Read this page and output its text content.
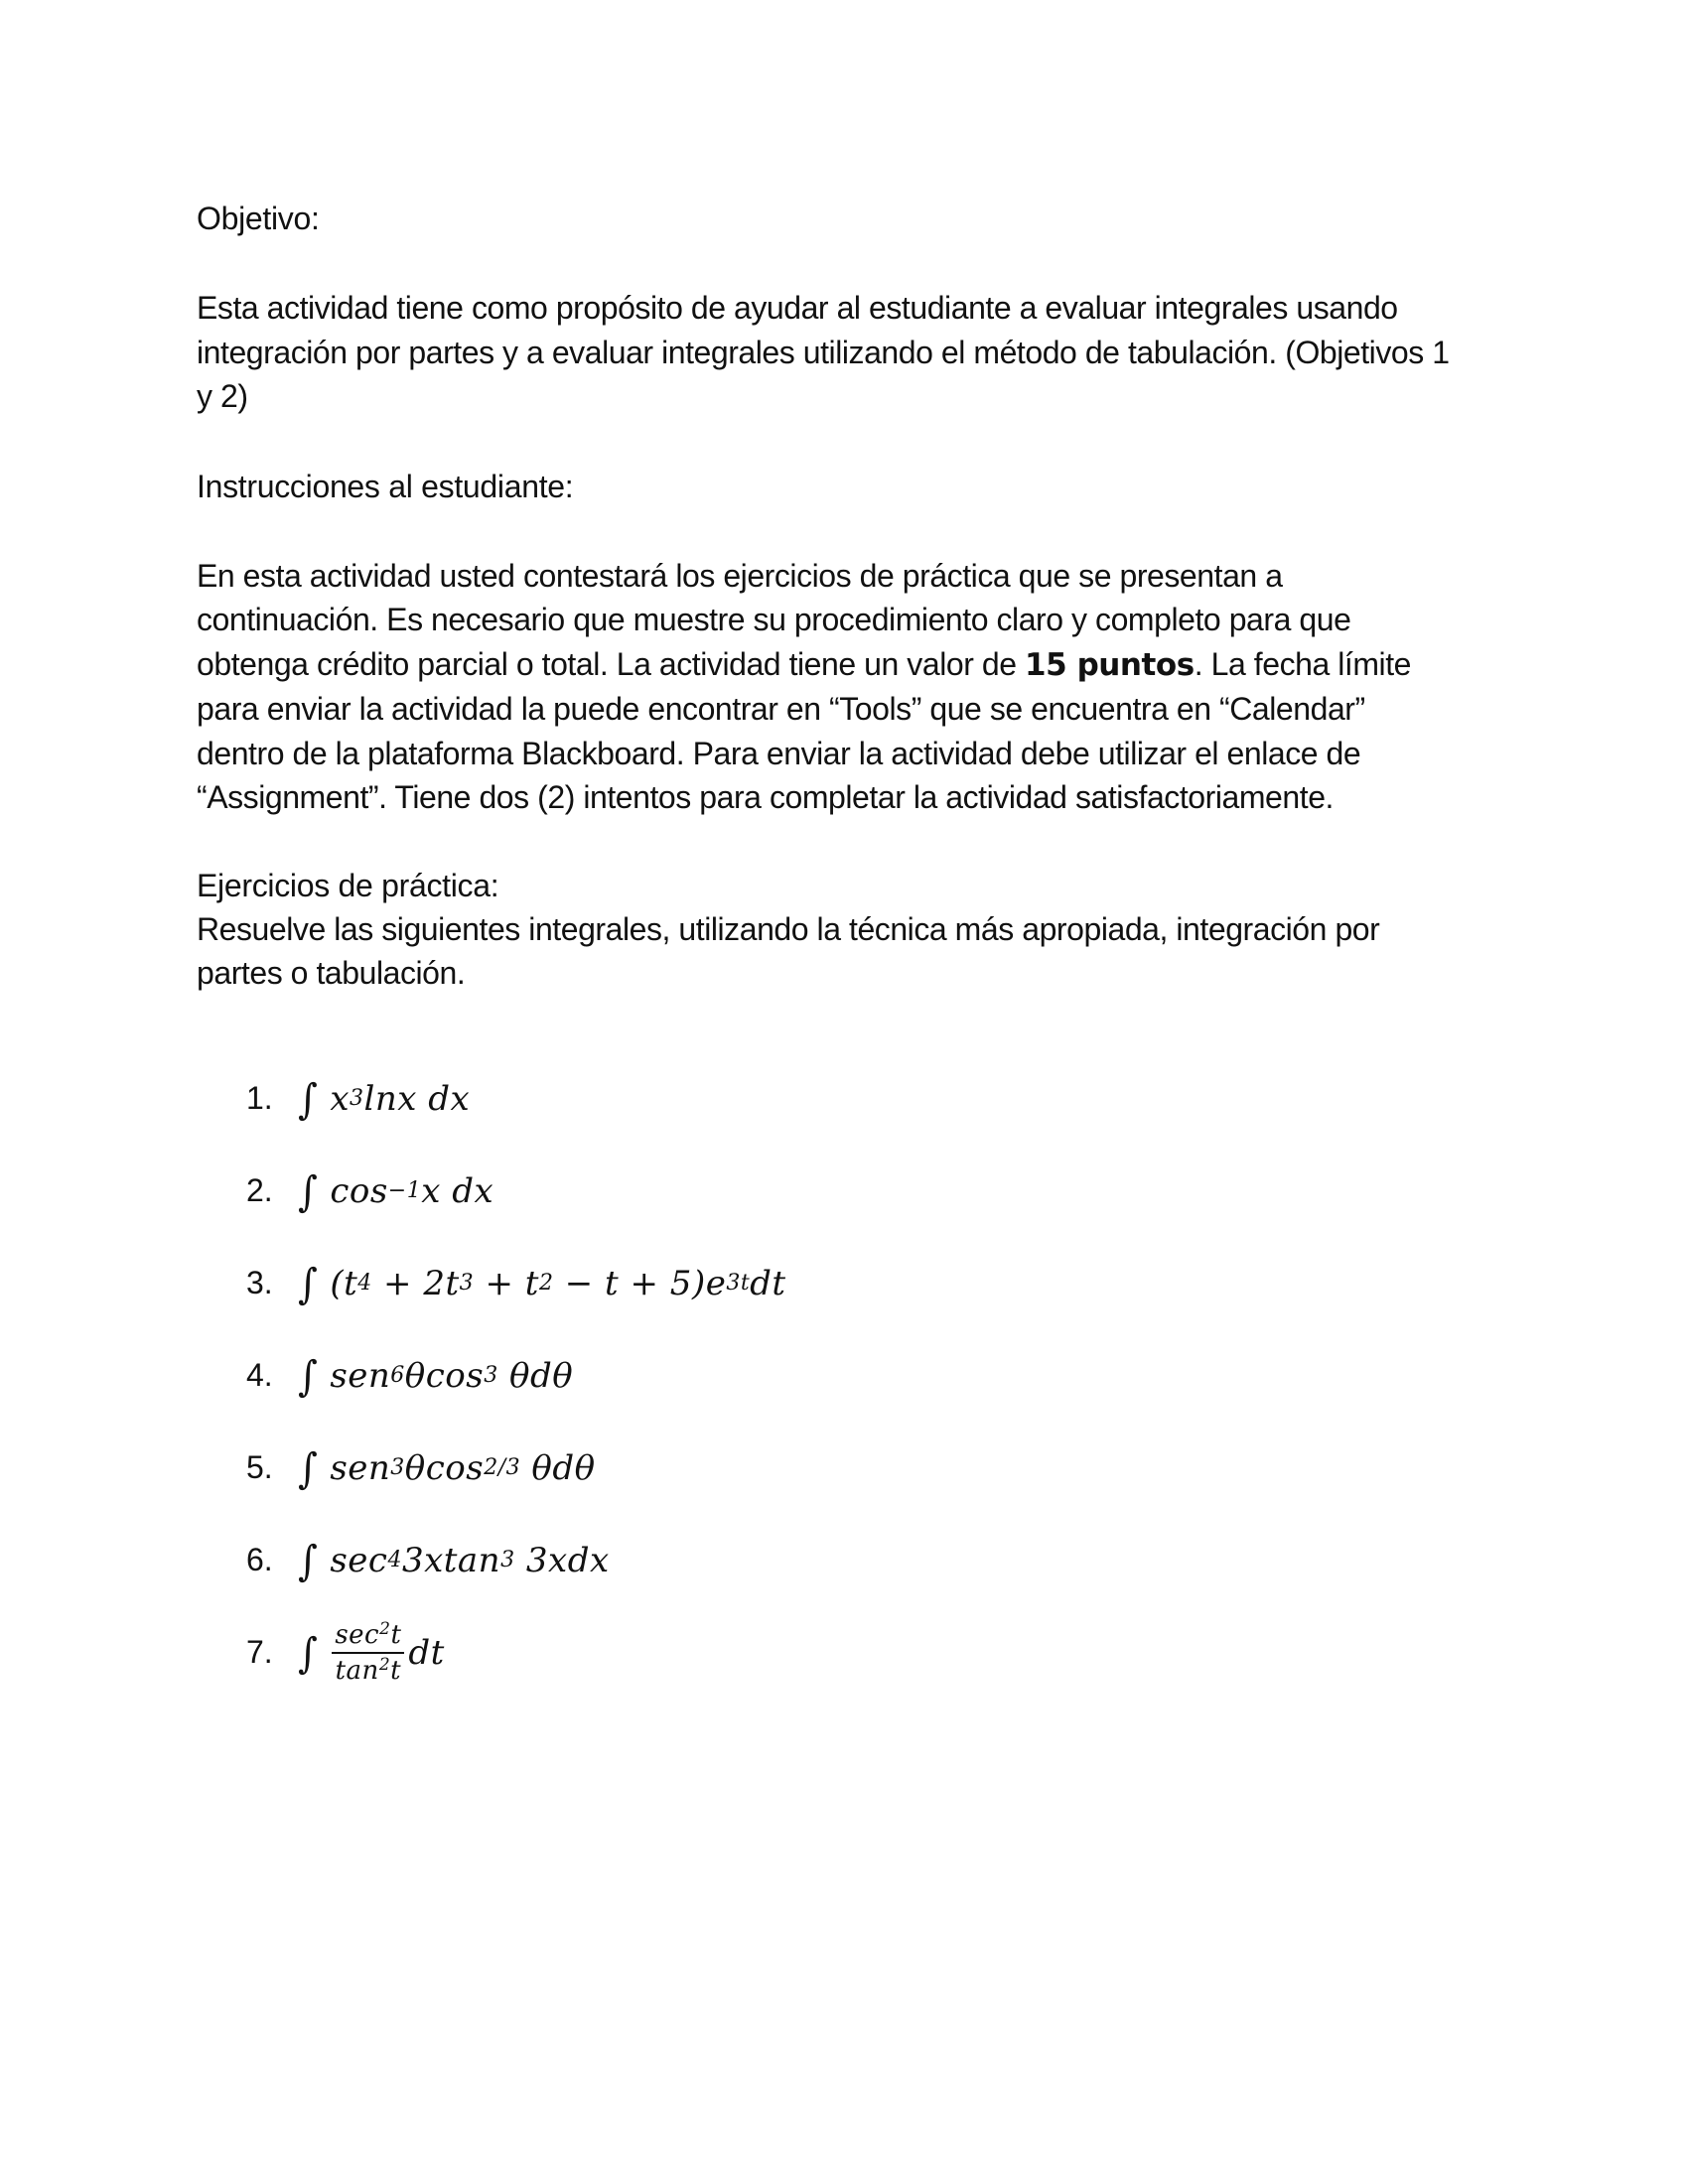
Objetivo:

Esta actividad tiene como propósito de ayudar al estudiante a evaluar integrales usando
integración por partes y a evaluar integrales utilizando el método de tabulación. (Objetivos 1
y 2)

Instrucciones al estudiante:

En esta actividad usted contestará los ejercicios de práctica que se presentan a
continuación. Es necesario que muestre su procedimiento claro y completo para que
obtenga crédito parcial o total. La actividad tiene un valor de 15 puntos. La fecha límite
para enviar la actividad la puede encontrar en “Tools” que se encuentra en “Calendar”
dentro de la plataforma Blackboard. Para enviar la actividad debe utilizar el enlace de
“Assignment”. Tiene dos (2) intentos para completar la actividad satisfactoriamente.

Ejercicios de práctica:

Resuelve las siguientes integrales, utilizando la técnica más apropiada, integración por
partes o tabulación.

1. ∫ x 3 lnx dx
2. ∫ cos −1 x dx
3. ∫ (t 4 + 2t 3 + t 2 − t + 5)e 3t dt
4. ∫ sen 6 θcos 3 θdθ
5. ∫ sen 3 θcos 2/3 θdθ
6. ∫ sec 4 3xtan 3 3xdx
7. ∫ $\frac{\sec^2t}{\tan^2t}$ dt
